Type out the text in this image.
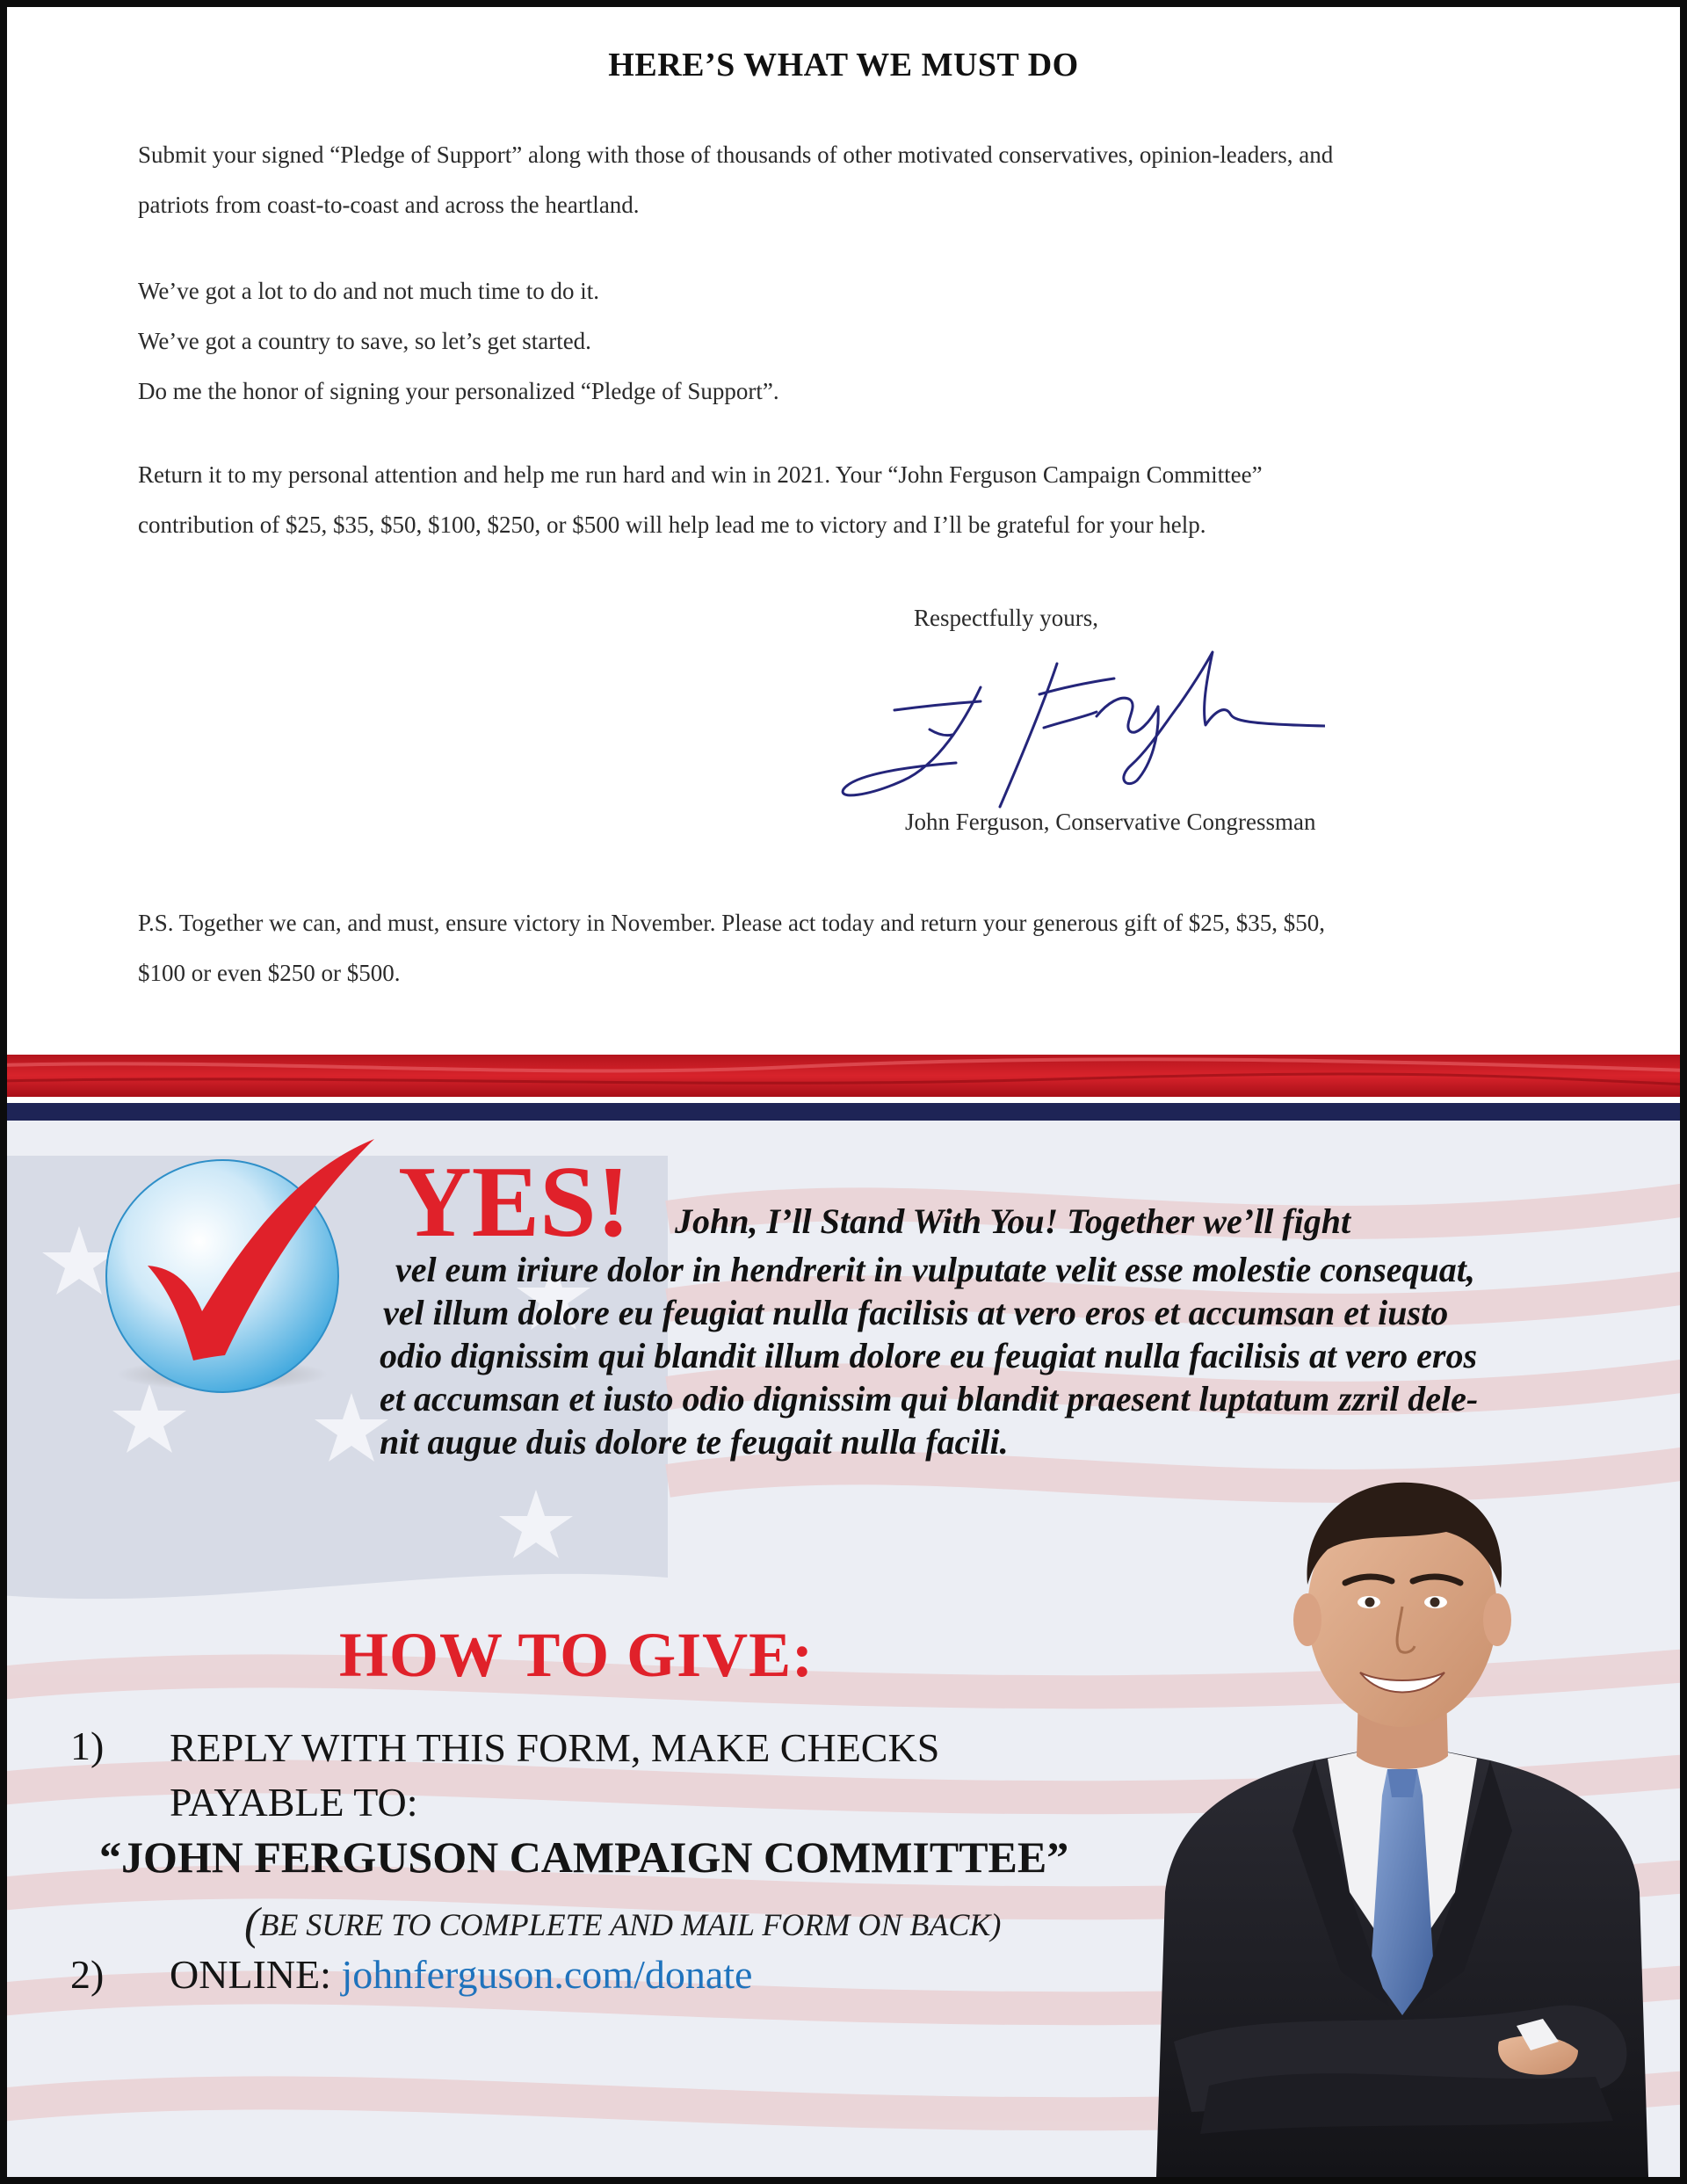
HERE’S WHAT WE MUST DO

Submit your signed “Pledge of Support” along with those of thousands of other motivated conservatives, opinion-leaders, and

patriots from coast-to-coast and across the heartland.

We’ve got a lot to do and not much time to do it.

We’ve got a country to save, so let’s get started.

Do me the honor of signing your personalized “Pledge of Support”.

Return it to my personal attention and help me run hard and win in 2021. Your “John Ferguson Campaign Committee”

contribution of $25, $35, $50, $100, $250, or $500 will help lead me to victory and I’ll be grateful for your help.

Respectfully yours,
John Ferguson, Conservative Congressman

P.S. Together we can, and must, ensure victory in November. Please act today and return your generous gift of $25, $35, $50,

$100 or even $250 or $500.

YES! John, I’ll Stand With You! Together we’ll fight

vel eum iriure dolor in hendrerit in vulputate velit esse molestie consequat,

vel illum dolore eu feugiat nulla facilisis at vero eros et accumsan et iusto

odio dignissim qui blandit illum dolore eu feugiat nulla facilisis at vero eros

et accumsan et iusto odio dignissim qui blandit praesent luptatum zzril dele-

nit augue duis dolore te feugait nulla facili.

HOW TO GIVE:
1) REPLY WITH THIS FORM, MAKE CHECKS
PAYABLE TO:
“JOHN FERGUSON CAMPAIGN COMMITTEE”
(BE SURE TO COMPLETE AND MAIL FORM ON BACK)
2) ONLINE: johnferguson.com/donate
